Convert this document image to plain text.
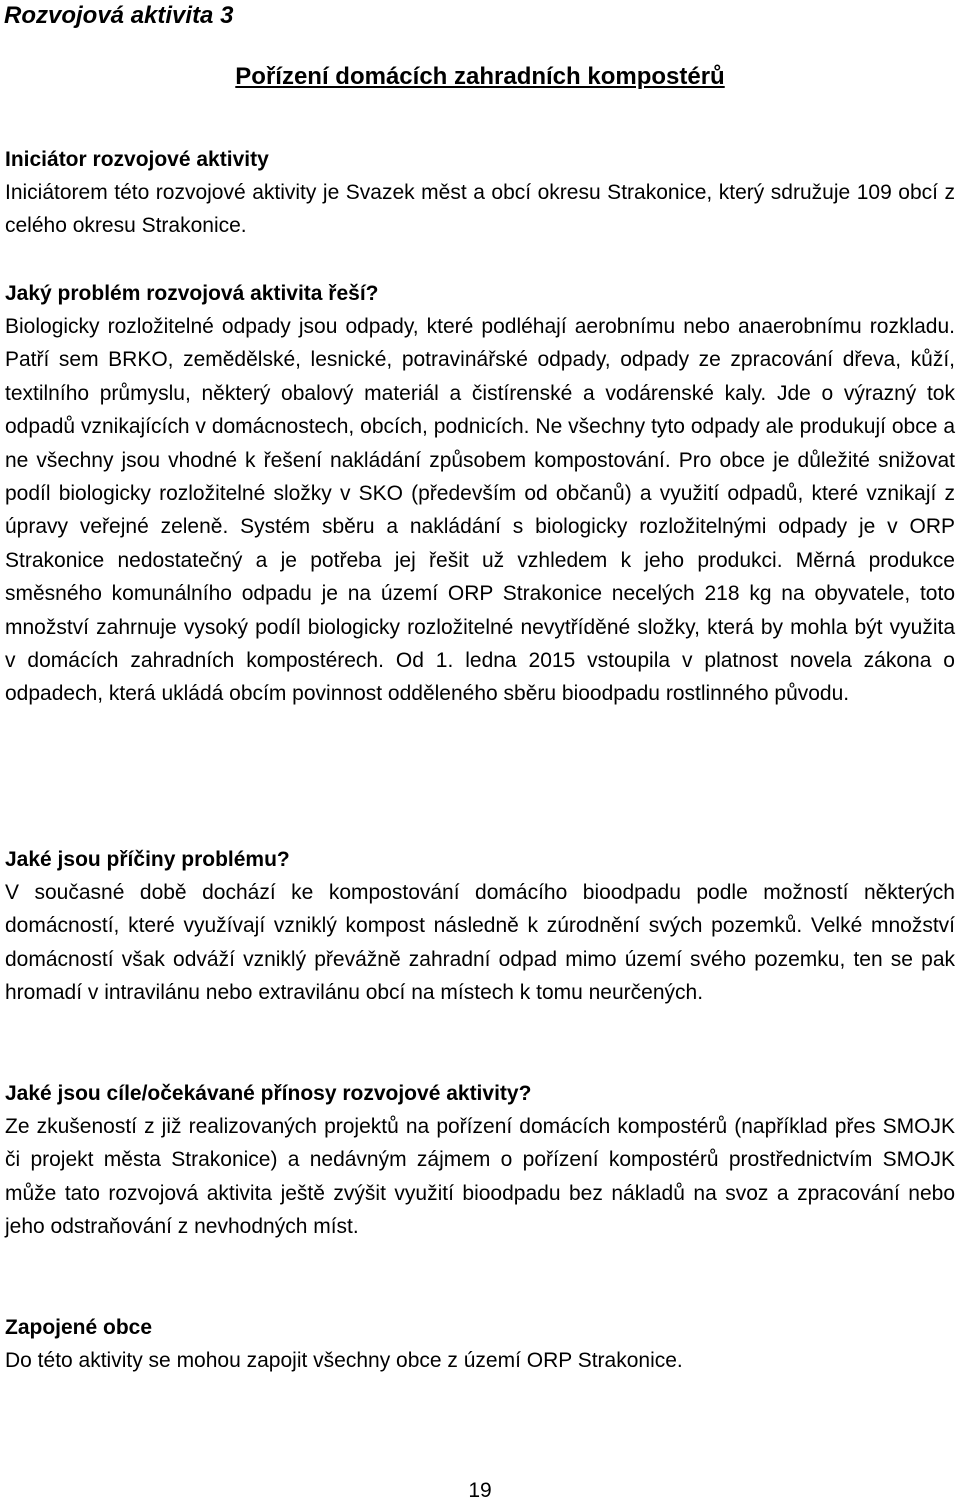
Rozvojová aktivita 3
Pořízení domácích zahradních kompostérů
Iniciátor rozvojové aktivity

Iniciátorem této rozvojové aktivity je Svazek měst a obcí okresu Strakonice, který sdružuje 109 obcí z celého okresu Strakonice.

Jaký problém rozvojová aktivita řeší?

Biologicky rozložitelné odpady jsou odpady, které podléhají aerobnímu nebo anaerobnímu rozkladu. Patří sem BRKO, zemědělské, lesnické, potravinářské odpady, odpady ze zpracování dřeva, kůží, textilního průmyslu, některý obalový materiál a čistírenské a vodárenské kaly. Jde o výrazný tok odpadů vznikajících v domácnostech, obcích, podnicích. Ne všechny tyto odpady ale produkují obce a ne všechny jsou vhodné k řešení nakládání způsobem kompostování. Pro obce je důležité snižovat podíl biologicky rozložitelné složky v SKO (především od občanů) a využití odpadů, které vznikají z úpravy veřejné zeleně. Systém sběru a nakládání s biologicky rozložitelnými odpady je v ORP Strakonice nedostatečný a je potřeba jej řešit už vzhledem k jeho produkci. Měrná produkce směsného komunálního odpadu je na území ORP Strakonice necelých 218 kg na obyvatele, toto množství zahrnuje vysoký podíl biologicky rozložitelné nevytříděné složky, která by mohla být využita v domácích zahradních kompostérech. Od 1. ledna 2015 vstoupila v platnost novela zákona o odpadech, která ukládá obcím povinnost odděleného sběru bioodpadu rostlinného původu.

Jaké jsou příčiny problému?

V současné době dochází ke kompostování domácího bioodpadu podle možností některých domácností, které využívají vzniklý kompost následně k zúrodnění svých pozemků. Velké množství domácností však odváží vzniklý převážně zahradní odpad mimo území svého pozemku, ten se pak hromadí v intravilánu nebo extravilánu obcí na místech k tomu neurčených.

Jaké jsou cíle/očekávané přínosy rozvojové aktivity?

Ze zkušeností z již realizovaných projektů na pořízení domácích kompostérů (například přes SMOJK či projekt města Strakonice) a nedávným zájmem o pořízení kompostérů prostřednictvím SMOJK může tato rozvojová aktivita ještě zvýšit využití bioodpadu bez nákladů na svoz a zpracování nebo jeho odstraňování z nevhodných míst.

Zapojené obce

Do této aktivity se mohou zapojit všechny obce z území ORP Strakonice.

19
